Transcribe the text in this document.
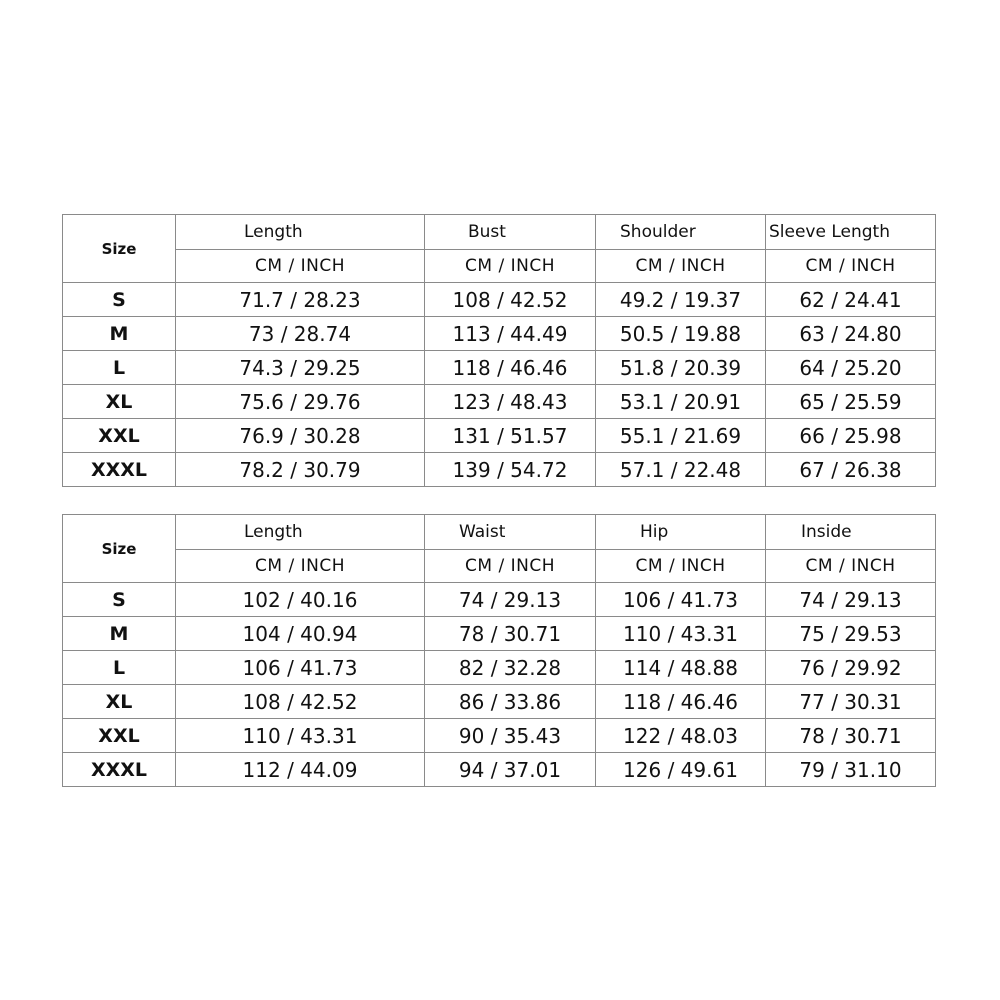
Size	Length	Bust	Shoulder	Sleeve Length
	CM / INCH	CM / INCH	CM / INCH	CM / INCH
S	71.7 / 28.23	108 / 42.52	49.2 / 19.37	62 / 24.41
M	73 / 28.74	113 / 44.49	50.5 / 19.88	63 / 24.80
L	74.3 / 29.25	118 / 46.46	51.8 / 20.39	64 / 25.20
XL	75.6 / 29.76	123 / 48.43	53.1 / 20.91	65 / 25.59
XXL	76.9 / 30.28	131 / 51.57	55.1 / 21.69	66 / 25.98
XXXL	78.2 / 30.79	139 / 54.72	57.1 / 22.48	67 / 26.38
Size	Length	Waist	Hip	Inside
	CM / INCH	CM / INCH	CM / INCH	CM / INCH
S	102 / 40.16	74 / 29.13	106 / 41.73	74 / 29.13
M	104 / 40.94	78 / 30.71	110 / 43.31	75 / 29.53
L	106 / 41.73	82 / 32.28	114 / 48.88	76 / 29.92
XL	108 / 42.52	86 / 33.86	118 / 46.46	77 / 30.31
XXL	110 / 43.31	90 / 35.43	122 / 48.03	78 / 30.71
XXXL	112 / 44.09	94 / 37.01	126 / 49.61	79 / 31.10
